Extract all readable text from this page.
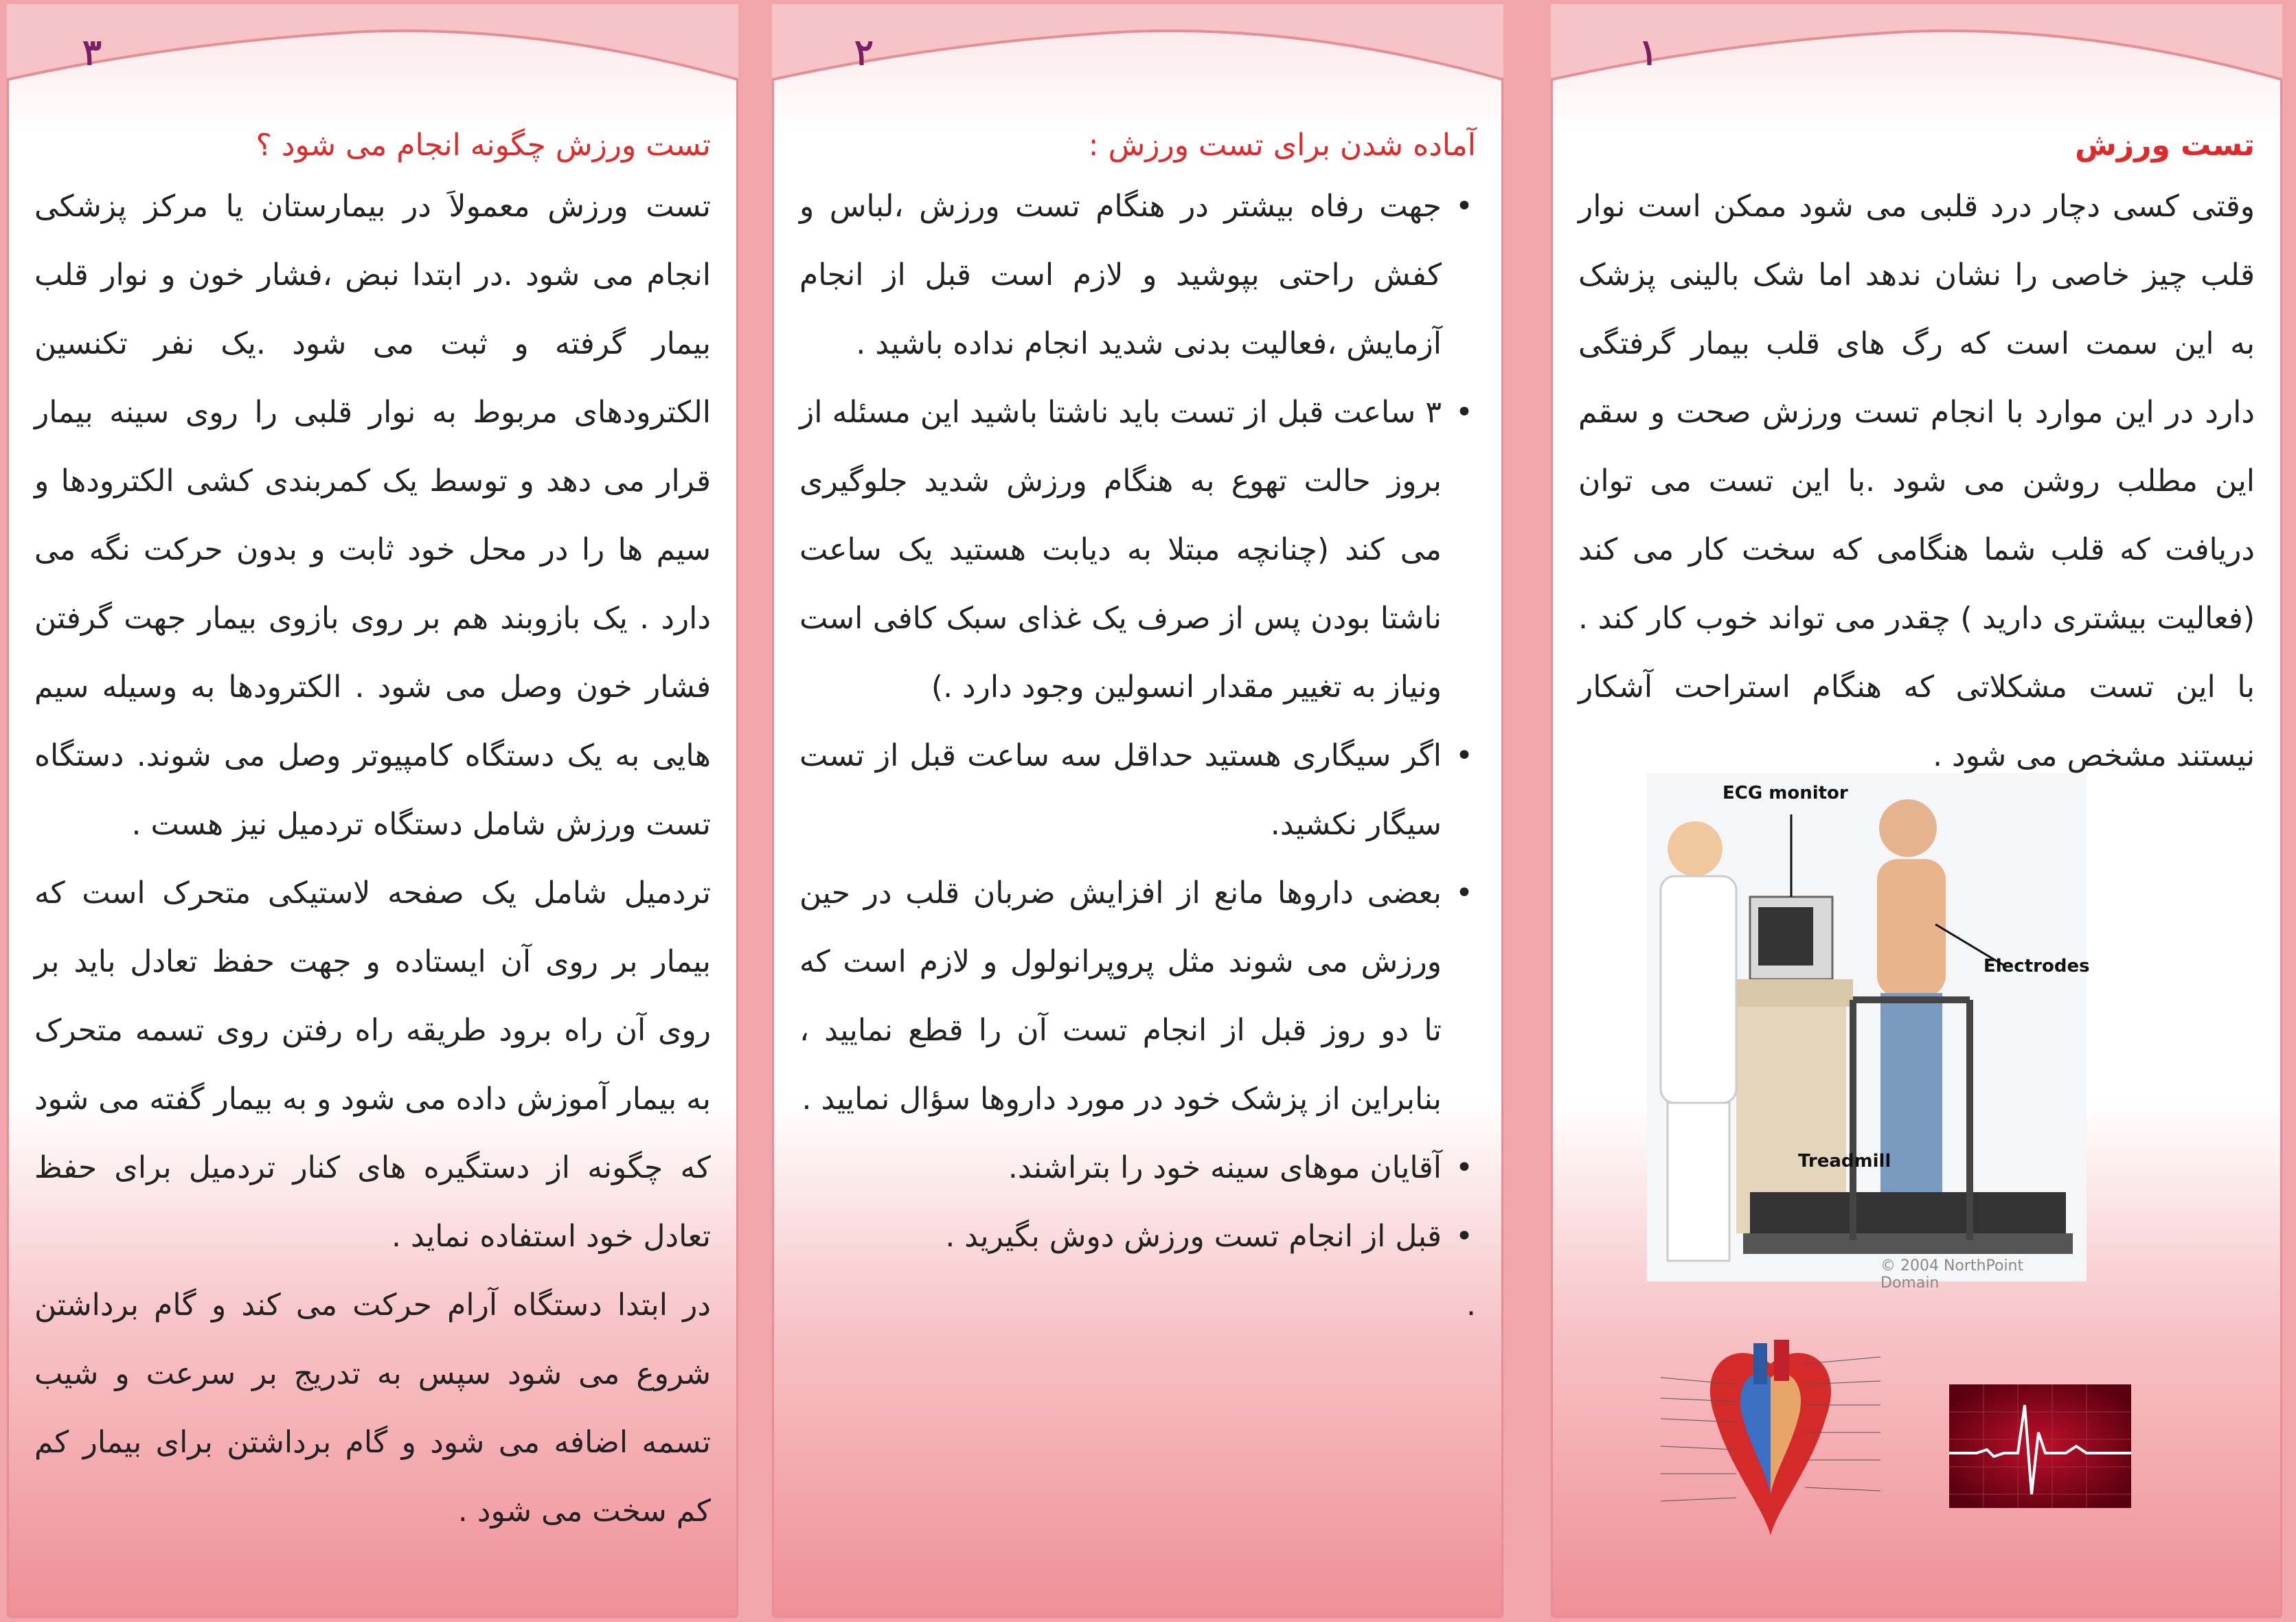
۱
تست ورزش

وقتی کسی دچار درد قلبی می شود ممکن است نوار قلب چیز خاصی را نشان ندهد اما شک بالینی پزشک به این سمت است که رگ های قلب بیمار گرفتگی دارد در این موارد با انجام تست ورزش صحت و سقم این مطلب روشن می شود .با این تست می توان دریافت که قلب شما هنگامی که سخت کار می کند (فعالیت بیشتری دارید ) چقدر می تواند خوب کار کند . با این تست مشکلاتی که هنگام استراحت آشکار نیستند مشخص می شود .

ECG monitor
Electrodes
Treadmill
© 2004 NorthPoint Domain
۲
آماده شدن برای تست ورزش :
•
جهت رفاه بیشتر در هنگام تست ورزش ،لباس و کفش راحتی بپوشید و لازم است قبل از انجام آزمایش ،فعالیت بدنی شدید انجام نداده باشید .
•
۳ ساعت قبل از تست باید ناشتا باشید این مسئله از بروز حالت تهوع به هنگام ورزش شدید جلوگیری می کند (چنانچه مبتلا به دیابت هستید یک ساعت ناشتا بودن پس از صرف یک غذای سبک کافی است ونیاز به تغییر مقدار انسولین وجود دارد .)
•
اگر سیگاری هستید حداقل سه ساعت قبل از تست سیگار نکشید.
•
بعضی داروها مانع از افزایش ضربان قلب در حین ورزش می شوند مثل پروپرانولول و لازم است که تا دو روز قبل از انجام تست آن را قطع نمایید ، بنابراین از پزشک خود در مورد داروها سؤال نمایید .
•
آقایان موهای سینه خود را بتراشند.
•
قبل از انجام تست ورزش دوش بگیرید .

.

۳
تست ورزش چگونه انجام می شود ؟

تست ورزش معمولاَ در بیمارستان یا مرکز پزشکی انجام می شود .در ابتدا نبض ،فشار خون و نوار قلب بیمار گرفته و ثبت می شود .یک نفر تکنسین الکترودهای مربوط به نوار قلبی را روی سینه بیمار قرار می دهد و توسط یک کمربندی کشی الکترودها و سیم ها را در محل خود ثابت و بدون حرکت نگه می دارد . یک بازوبند هم بر روی بازوی بیمار جهت گرفتن فشار خون وصل می شود . الکترودها به وسیله سیم هایی به یک دستگاه کامپیوتر وصل می شوند. دستگاه تست ورزش شامل دستگاه تردمیل نیز هست .

تردمیل شامل یک صفحه لاستیکی متحرک است که بیمار بر روی آن ایستاده و جهت حفظ تعادل باید بر روی آن راه برود طریقه راه رفتن روی تسمه متحرک به بیمار آموزش داده می شود و به بیمار گفته می شود که چگونه از دستگیره های کنار تردمیل برای حفظ تعادل خود استفاده نماید .

در ابتدا دستگاه آرام حرکت می کند و گام برداشتن شروع می شود سپس به تدریج بر سرعت و شیب تسمه اضافه می شود و گام برداشتن برای بیمار کم کم سخت می شود .
